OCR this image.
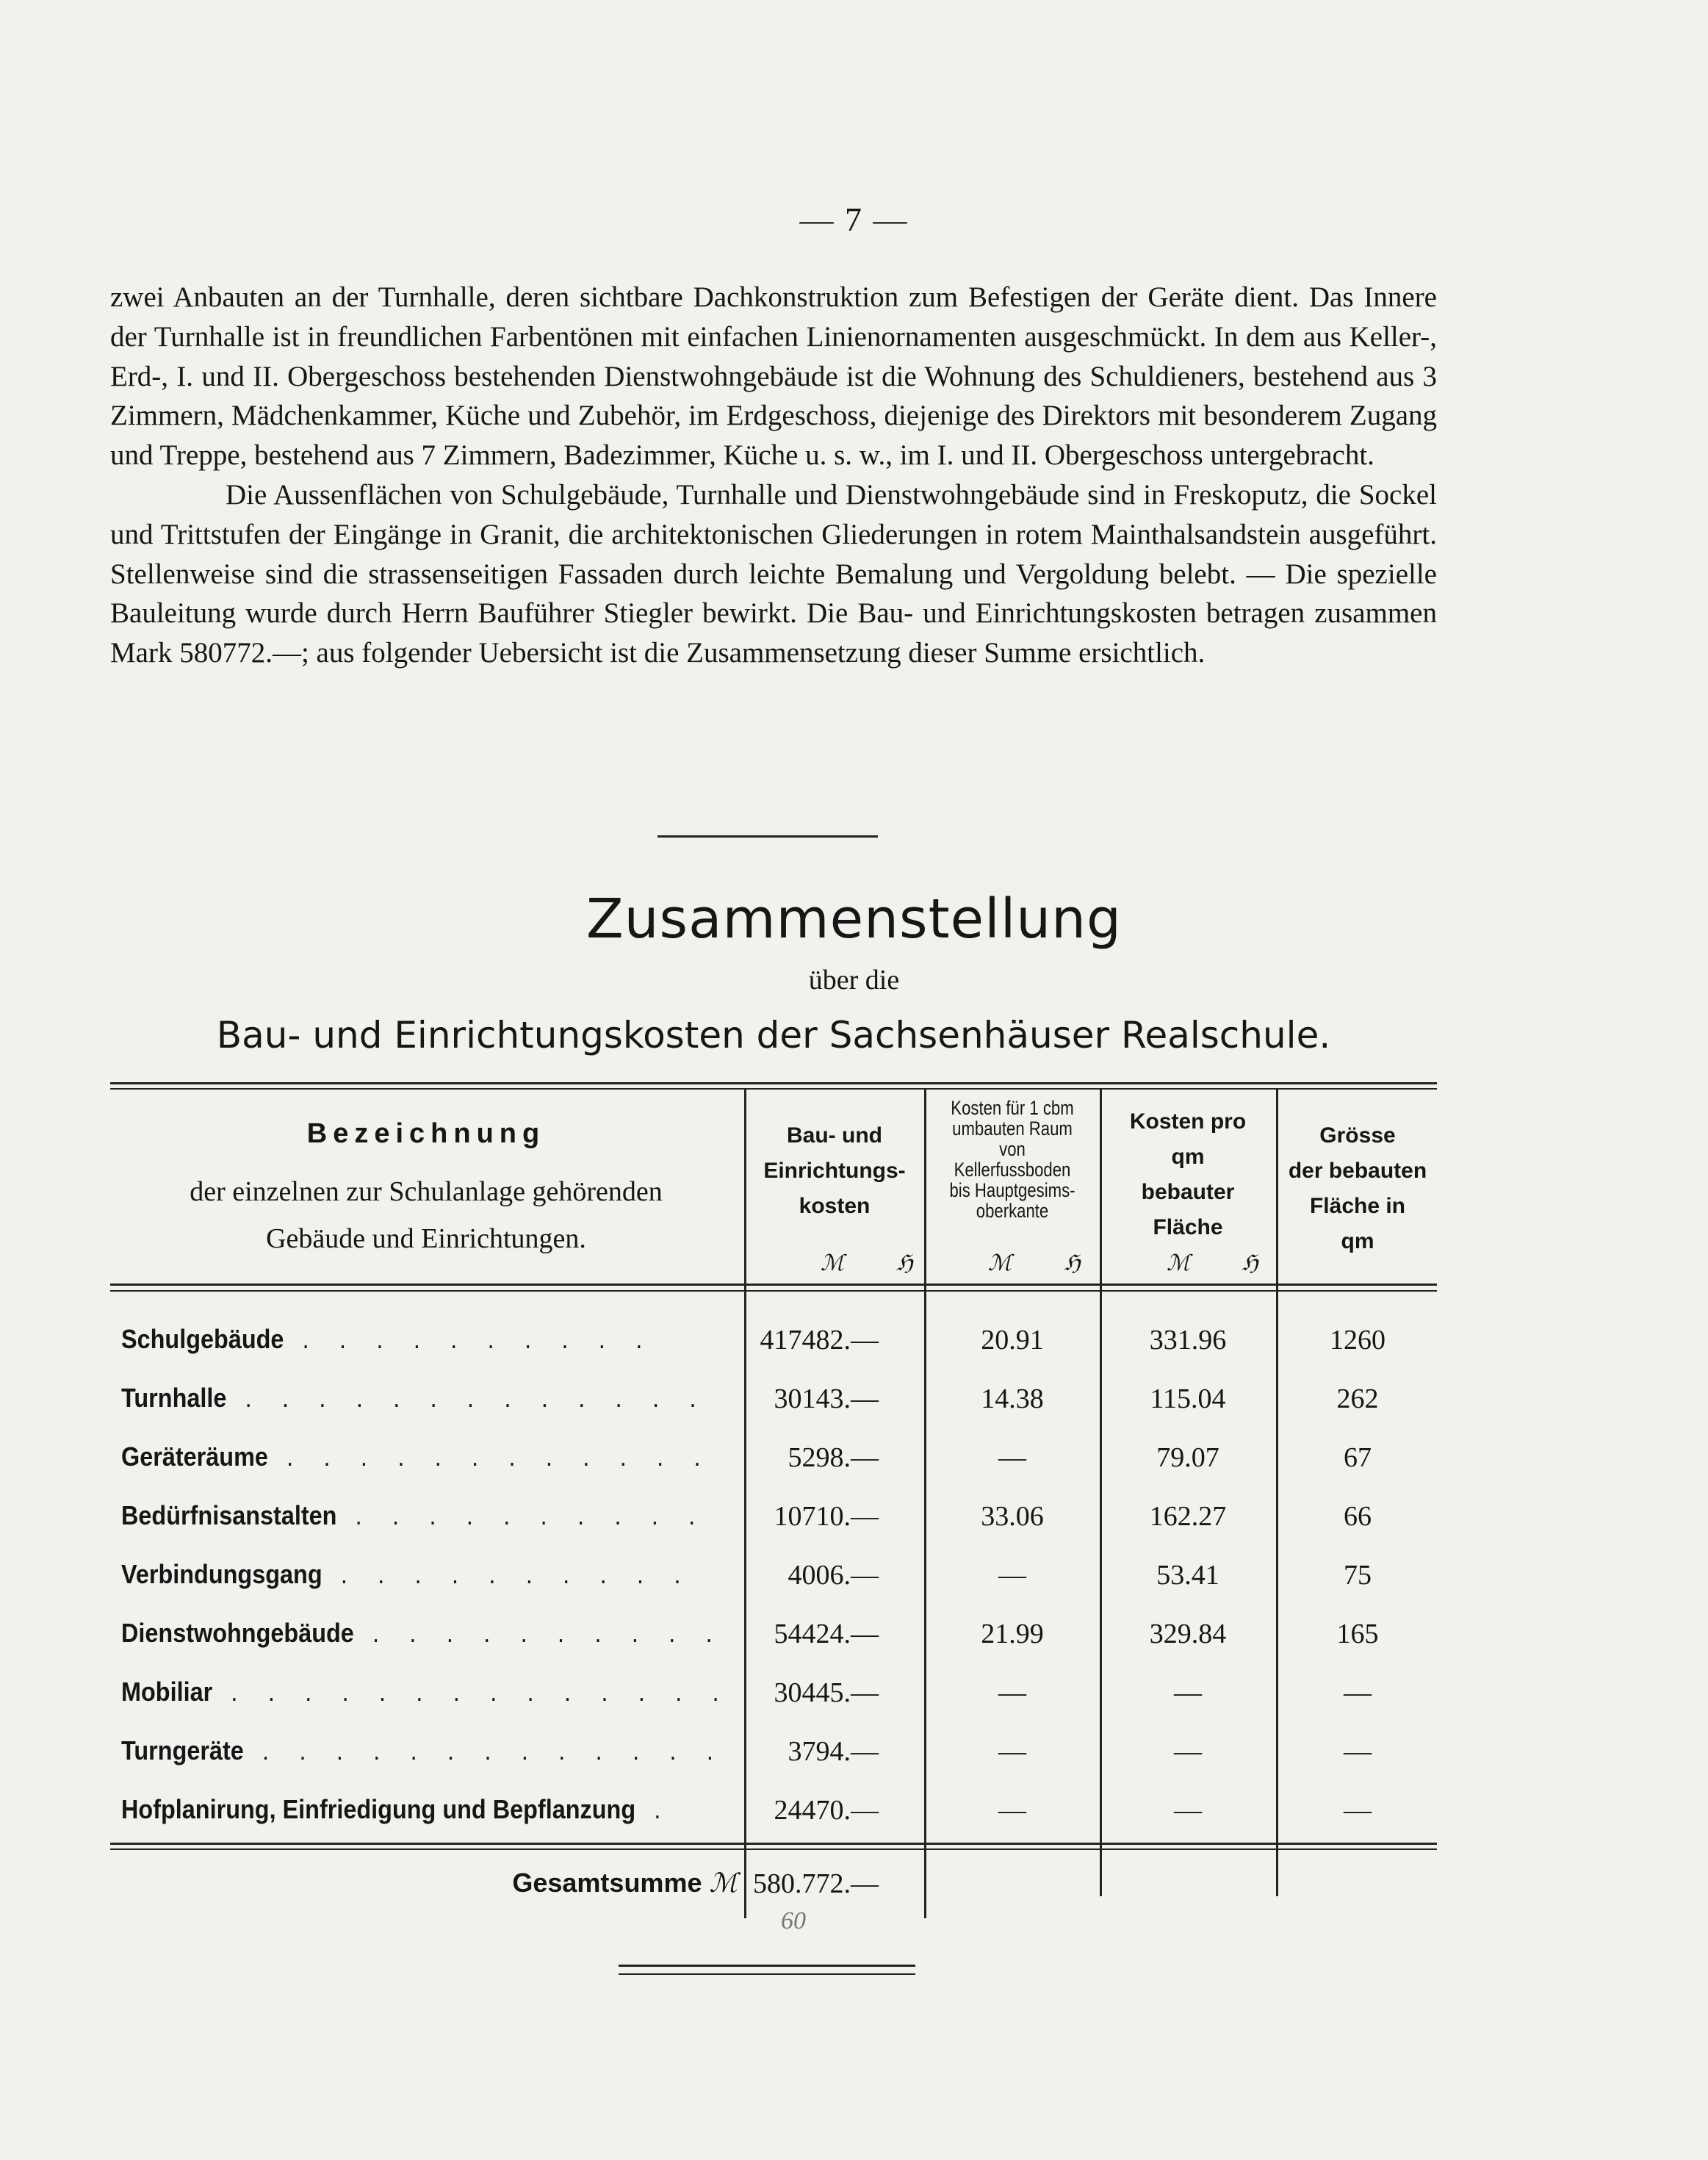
— 7 —

zwei Anbauten an der Turnhalle, deren sichtbare Dachkonstruktion zum Befestigen der Geräte dient. Das Innere der Turnhalle ist in freundlichen Farbentönen mit einfachen Linienornamenten ausgeschmückt. In dem aus Keller-, Erd-, I. und II. Obergeschoss bestehenden Dienstwohngebäude ist die Wohnung des Schuldieners, bestehend aus 3 Zimmern, Mädchenkammer, Küche und Zubehör, im Erdgeschoss, diejenige des Direktors mit besonderem Zugang und Treppe, bestehend aus 7 Zimmern, Badezimmer, Küche u. s. w., im I. und II. Obergeschoss untergebracht.

Die Aussenflächen von Schulgebäude, Turnhalle und Dienstwohngebäude sind in Freskoputz, die Sockel und Trittstufen der Eingänge in Granit, die architektonischen Gliederungen in rotem Mainthalsandstein ausgeführt. Stellenweise sind die strassenseitigen Fassaden durch leichte Bemalung und Vergoldung belebt. — Die spezielle Bauleitung wurde durch Herrn Bauführer Stiegler bewirkt. Die Bau- und Einrichtungskosten betragen zusammen Mark 580772.—; aus folgender Uebersicht ist die Zusammensetzung dieser Summe ersichtlich.

Zusammenstellung
über die
Bau- und Einrichtungskosten der Sachsenhäuser Realschule.
Bezeichnung
der einzelnen zur Schulanlage gehörenden
Gebäude und Einrichtungen.
Bau- und
Einrichtungs-
kosten
Kosten für 1 cbm
umbauten Raum
von
Kellerfussboden
bis Hauptgesims-
oberkante
Kosten pro
qm
bebauter
Fläche
Grösse
der bebauten
Fläche in
qm
ℳ ℌ	ℳ ℌ	ℳ ℌ
Schulgebäude . . . . . . . . . .	417482.—	20.91	331.96	1260
Turnhalle . . . . . . . . . . . . .	30143.—	14.38	115.04	262
Geräteräume . . . . . . . . . . . .	5298.—	—	79.07	67
Bedürfnisanstalten . . . . . . . . . .	10710.—	33.06	162.27	66
Verbindungsgang . . . . . . . . . .	4006.—	—	53.41	75
Dienstwohngebäude . . . . . . . . . .	54424.—	21.99	329.84	165
Mobiliar . . . . . . . . . . . . . .	30445.—	—	—	—
Turngeräte . . . . . . . . . . . . .	3794.—	—	—	—
Hofplanirung, Einfriedigung und Bepflanzung .	24470.—	—	—	—
Gesamtsumme ℳ 580.772.—
60
